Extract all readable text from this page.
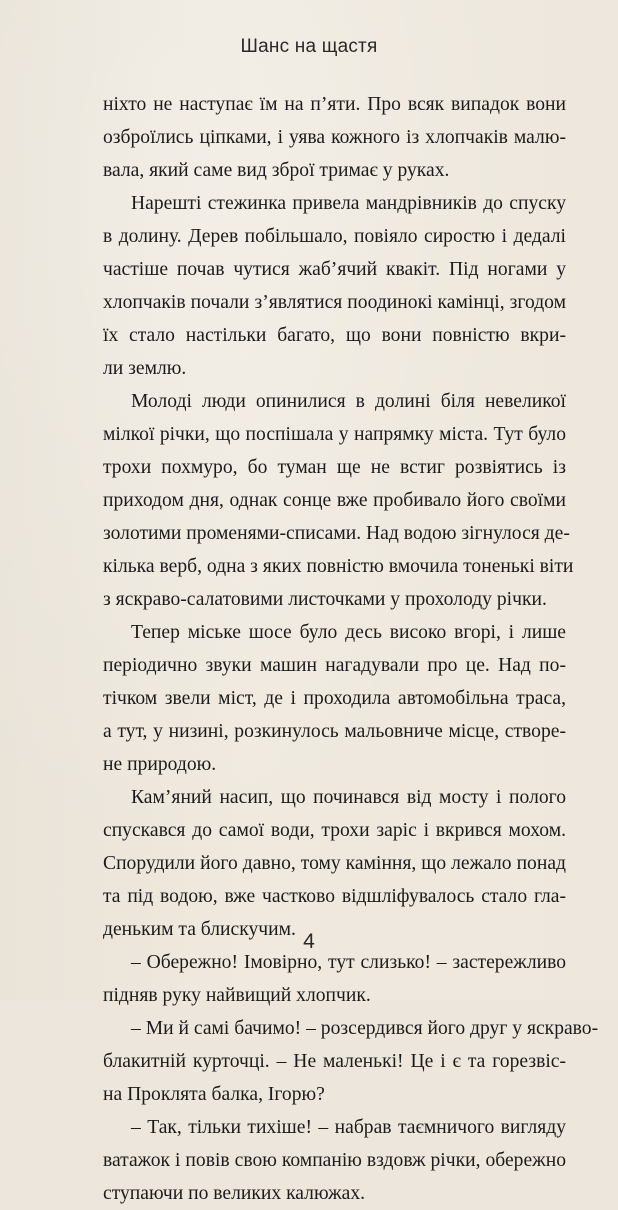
Шанс на щастя
ніхто не наступає їм на п’яти. Про всяк випадок вони
озброїлись ціпками, і уява кожного із хлопчаків малю-
вала, який саме вид зброї тримає у руках.
Нарешті стежинка привела мандрівників до спуску
в долину. Дерев побільшало, повіяло сиростю і дедалі
частіше почав чутися жаб’ячий квакіт. Під ногами у
хлопчаків почали з’являтися поодинокі камінці, згодом
їх стало настільки багато, що вони повністю вкри-
ли землю.
Молоді люди опинилися в долині біля невеликої
мілкої річки, що поспішала у напрямку міста. Тут було
трохи похмуро, бо туман ще не встиг розвіятись із
приходом дня, однак сонце вже пробивало його своїми
золотими променями-списами. Над водою зігнулося де-
кілька верб, одна з яких повністю вмочила тоненькі віти
з яскраво-салатовими листочками у прохолоду річки.
Тепер міське шосе було десь високо вгорі, і лише
періодично звуки машин нагадували про це. Над по-
тічком звели міст, де і проходила автомобільна траса,
а тут, у низині, розкинулось мальовниче місце, створе-
не природою.
Кам’яний насип, що починався від мосту і полого
спускався до самої води, трохи заріс і вкрився мохом.
Спорудили його давно, тому каміння, що лежало понад
та під водою, вже частково відшліфувалось стало гла-
деньким та блискучим.
– Обережно! Імовірно, тут слизько! – застережливо
підняв руку найвищий хлопчик.
– Ми й самі бачимо! – розсердився його друг у яскраво-
блакитній курточці. – Не маленькі! Це і є та горезвіс-
на Проклята балка, Ігорю?
– Так, тільки тихіше! – набрав таємничого вигляду
ватажок і повів свою компанію вздовж річки, обережно
ступаючи по великих калюжах.
4
